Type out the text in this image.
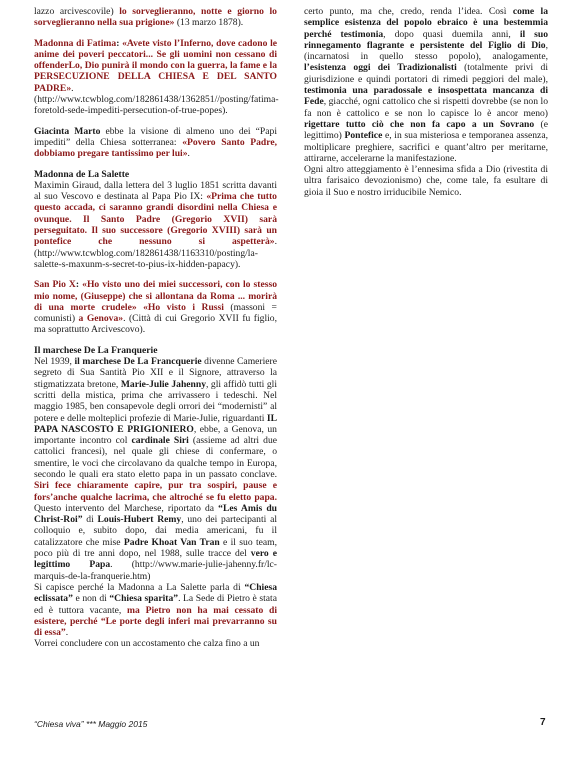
lazzo arcivescovile) lo sorveglieranno, notte e giorno lo sorveglieranno nella sua prigione» (13 marzo 1878).

Madonna di Fatima: «Avete visto l’Inferno, dove cadono le anime dei poveri peccatori... Se gli uomini non cessano di offenderLo, Dio punirà il mondo con la guerra, la fame e la PERSECUZIONE DELLA CHIESA E DEL SANTO PADRE». (http://www.tcwblog.com/182861438/1362851//posting/fatima-foretold-sede-impediti-persecution-of-true-popes).

Giacinta Marto ebbe la visione di almeno uno dei “Papi impediti” della Chiesa sotterranea: «Povero Santo Padre, dobbiamo pregare tantissimo per lui».

Madonna de La Salette

Maximin Giraud, dalla lettera del 3 luglio 1851 scritta davanti al suo Vescovo e destinata al Papa Pio IX: «Prima che tutto questo accada, ci saranno grandi disordini nella Chiesa e ovunque. Il Santo Padre (Gregorio XVII) sarà perseguitato. Il suo successore (Gregorio XVIII) sarà un pontefice che nessuno si aspetterà». (http://www.tcwblog.com/182861438/1163310/posting/la-salette-s-maxunm-s-secret-to-pius-ix-hidden-papacy).

San Pio X: «Ho visto uno dei miei successori, con lo stesso mio nome, (Giuseppe) che si allontana da Roma ... morirà di una morte crudele» «Ho visto i Russi (massoni = comunisti) a Genova». (Città di cui Gregorio XVII fu figlio, ma soprattutto Arcivescovo).

Il marchese De La Franquerie

Nel 1939, il marchese De La Francquerie divenne Cameriere segreto di Sua Santità Pio XII e il Signore, attraverso la stigmatizzata bretone, Marie-Julie Jahenny, gli affidò tutti gli scritti della mistica, prima che arrivassero i tedeschi. Nel maggio 1985, ben consapevole degli orrori dei “modernisti” al potere e delle molteplici profezie di Marie-Julie, riguardanti IL PAPA NASCOSTO E PRIGIONIERO, ebbe, a Genova, un importante incontro col cardinale Siri (assieme ad altri due cattolici francesi), nel quale gli chiese di confermare, o smentire, le voci che circolavano da qualche tempo in Europa, secondo le quali era stato eletto papa in un passato conclave. Siri fece chiaramente capire, pur tra sospiri, pause e fors’anche qualche lacrima, che altroché se fu eletto papa. Questo intervento del Marchese, riportato da “Les Amis du Christ-Roi” di Louis-Hubert Remy, uno dei partecipanti al colloquio e, subito dopo, dai media americani, fu il catalizzatore che mise Padre Khoat Van Tran e il suo team, poco più di tre anni dopo, nel 1988, sulle tracce del vero e legittimo Papa. (http://www.marie-julie-jahenny.fr/lc-marquis-de-la-franquerie.htm)

Si capisce perché la Madonna a La Salette parla di “Chiesa eclissata” e non di “Chiesa sparita”. La Sede di Pietro è stata ed è tuttora vacante, ma Pietro non ha mai cessato di esistere, perché “Le porte degli inferi mai prevarranno su di essa”.

Vorrei concludere con un accostamento che calza fino a un

certo punto, ma che, credo, renda l’idea. Così come la semplice esistenza del popolo ebraico è una bestemmia perché testimonia, dopo quasi duemila anni, il suo rinnegamento flagrante e persistente del Figlio di Dio, (incarnatosi in quello stesso popolo), analogamente, l’esistenza oggi dei Tradizionalisti (totalmente privi di giurisdizione e quindi portatori di rimedi peggiori del male), testimonia una paradossale e insospettata mancanza di Fede, giacché, ogni cattolico che si rispetti dovrebbe (se non lo fa non è cattolico e se non lo capisce lo è ancor meno) rigettare tutto ciò che non fa capo a un Sovrano (e legittimo) Pontefice e, in sua misteriosa e temporanea assenza, moltiplicare preghiere, sacrifici e quant’altro per meritarne, attirarne, accelerarne la manifestazione.

Ogni altro atteggiamento è l’ennesima sfida a Dio (rivestita di ultra farisaico devozionismo) che, come tale, fa esultare di gioia il Suo e nostro irriducibile Nemico.

“Chiesa viva” *** Maggio 2015	7
